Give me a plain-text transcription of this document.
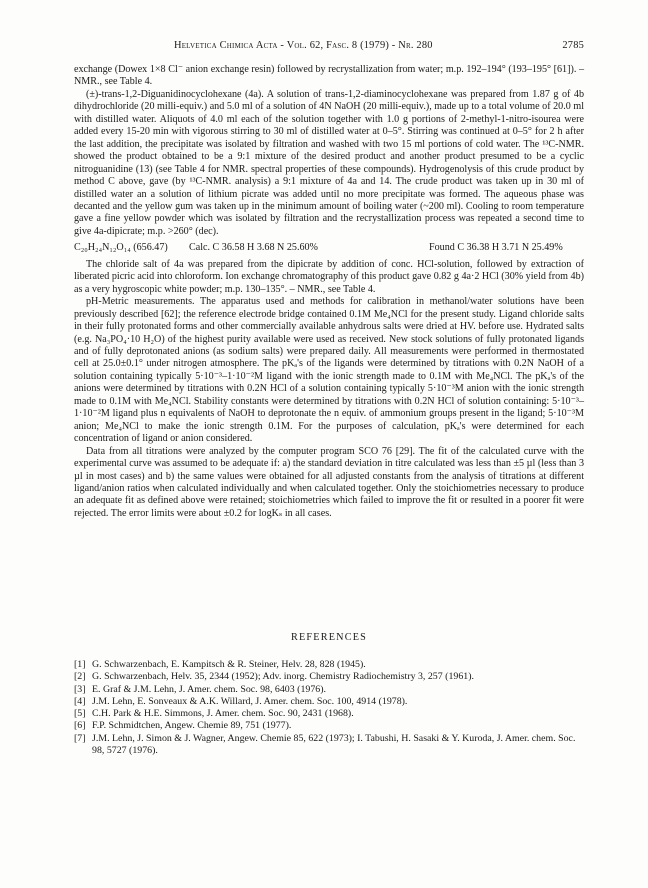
Helvetica Chimica Acta - Vol. 62, Fasc. 8 (1979) - Nr. 280	2785

exchange (Dowex 1×8 Cl⁻ anion exchange resin) followed by recrystallization from water; m.p. 192–194° (193–195° [61]). – NMR., see Table 4.

(±)-trans-1,2-Diguanidinocyclohexane (4a). A solution of trans-1,2-diaminocyclohexane was prepared from 1.87 g of 4b dihydrochloride (20 milli-equiv.) and 5.0 ml of a solution of 4N NaOH (20 milli-equiv.), made up to a total volume of 20.0 ml with distilled water. Aliquots of 4.0 ml each of the solution together with 1.0 g portions of 2-methyl-1-nitro-isourea were added every 15-20 min with vigorous stirring to 30 ml of distilled water at 0–5°. Stirring was continued at 0–5° for 2 h after the last addition, the precipitate was isolated by filtration and washed with two 15 ml portions of cold water. The ¹³C-NMR. showed the product obtained to be a 9:1 mixture of the desired product and another product presumed to be a cyclic nitroguanidine (13) (see Table 4 for NMR. spectral properties of these compounds). Hydrogenolysis of this crude product by method C above, gave (by ¹³C-NMR. analysis) a 9:1 mixture of 4a and 14. The crude product was taken up in 30 ml of distilled water an a solution of lithium picrate was added until no more precipitate was formed. The aqueous phase was decanted and the yellow gum was taken up in the minimum amount of boiling water (~200 ml). Cooling to room temperature gave a fine yellow powder which was isolated by filtration and the recrystallization process was repeated a second time to give 4a-dipicrate; m.p. >260° (dec).

C₂₀H₂₄N₁₂O₁₄ (656.47)	Calc. C 36.58 H 3.68 N 25.60%	Found C 36.38 H 3.71 N 25.49%

The chloride salt of 4a was prepared from the dipicrate by addition of conc. HCl-solution, followed by extraction of liberated picric acid into chloroform. Ion exchange chromatography of this product gave 0.82 g 4a·2 HCl (30% yield from 4b) as a very hygroscopic white powder; m.p. 130–135°. – NMR., see Table 4.

pH-Metric measurements. The apparatus used and methods for calibration in methanol/water solutions have been previously described [62]; the reference electrode bridge contained 0.1M Me₄NCl for the present study. Ligand chloride salts in their fully protonated forms and other commercially available anhydrous salts were dried at HV. before use. Hydrated salts (e.g. Na₃PO₄·10 H₂O) of the highest purity available were used as received. New stock solutions of fully protonated ligands and of fully deprotonated anions (as sodium salts) were prepared daily. All measurements were performed in thermostated cell at 25.0±0.1° under nitrogen atmosphere. The pKₐ's of the ligands were determined by titrations with 0.2N NaOH of a solution containing typically 5·10⁻³–1·10⁻²M ligand with the ionic strength made to 0.1M with Me₄NCl. The pKₐ's of the anions were determined by titrations with 0.2N HCl of a solution containing typically 5·10⁻³M anion with the ionic strength made to 0.1M with Me₄NCl. Stability constants were determined by titrations with 0.2N HCl of solution containing: 5·10⁻³–1·10⁻²M ligand plus n equivalents of NaOH to deprotonate the n equiv. of ammonium groups present in the ligand; 5·10⁻³M anion; Me₄NCl to make the ionic strength 0.1M. For the purposes of calculation, pKₐ's were determined for each concentration of ligand or anion considered.

Data from all titrations were analyzed by the computer program SCO 76 [29]. The fit of the calculated curve with the experimental curve was assumed to be adequate if: a) the standard deviation in titre calculated was less than ±5 µl (less than 3 µl in most cases) and b) the same values were obtained for all adjusted constants from the analysis of titrations at different ligand/anion ratios when calculated individually and when calculated together. Only the stoichiometries necessary to produce an adequate fit as defined above were retained; stoichiometries which failed to improve the fit or resulted in a poorer fit were rejected. The error limits were about ±0.2 for logKₛ in all cases.

REFERENCES
[1] G. Schwarzenbach, E. Kampitsch & R. Steiner, Helv. 28, 828 (1945).
[2] G. Schwarzenbach, Helv. 35, 2344 (1952); Adv. inorg. Chemistry Radiochemistry 3, 257 (1961).
[3] E. Graf & J.M. Lehn, J. Amer. chem. Soc. 98, 6403 (1976).
[4] J.M. Lehn, E. Sonveaux & A.K. Willard, J. Amer. chem. Soc. 100, 4914 (1978).
[5] C.H. Park & H.E. Simmons, J. Amer. chem. Soc. 90, 2431 (1968).
[6] F.P. Schmidtchen, Angew. Chemie 89, 751 (1977).
[7] J.M. Lehn, J. Simon & J. Wagner, Angew. Chemie 85, 622 (1973); I. Tabushi, H. Sasaki & Y. Kuroda, J. Amer. chem. Soc. 98, 5727 (1976).
